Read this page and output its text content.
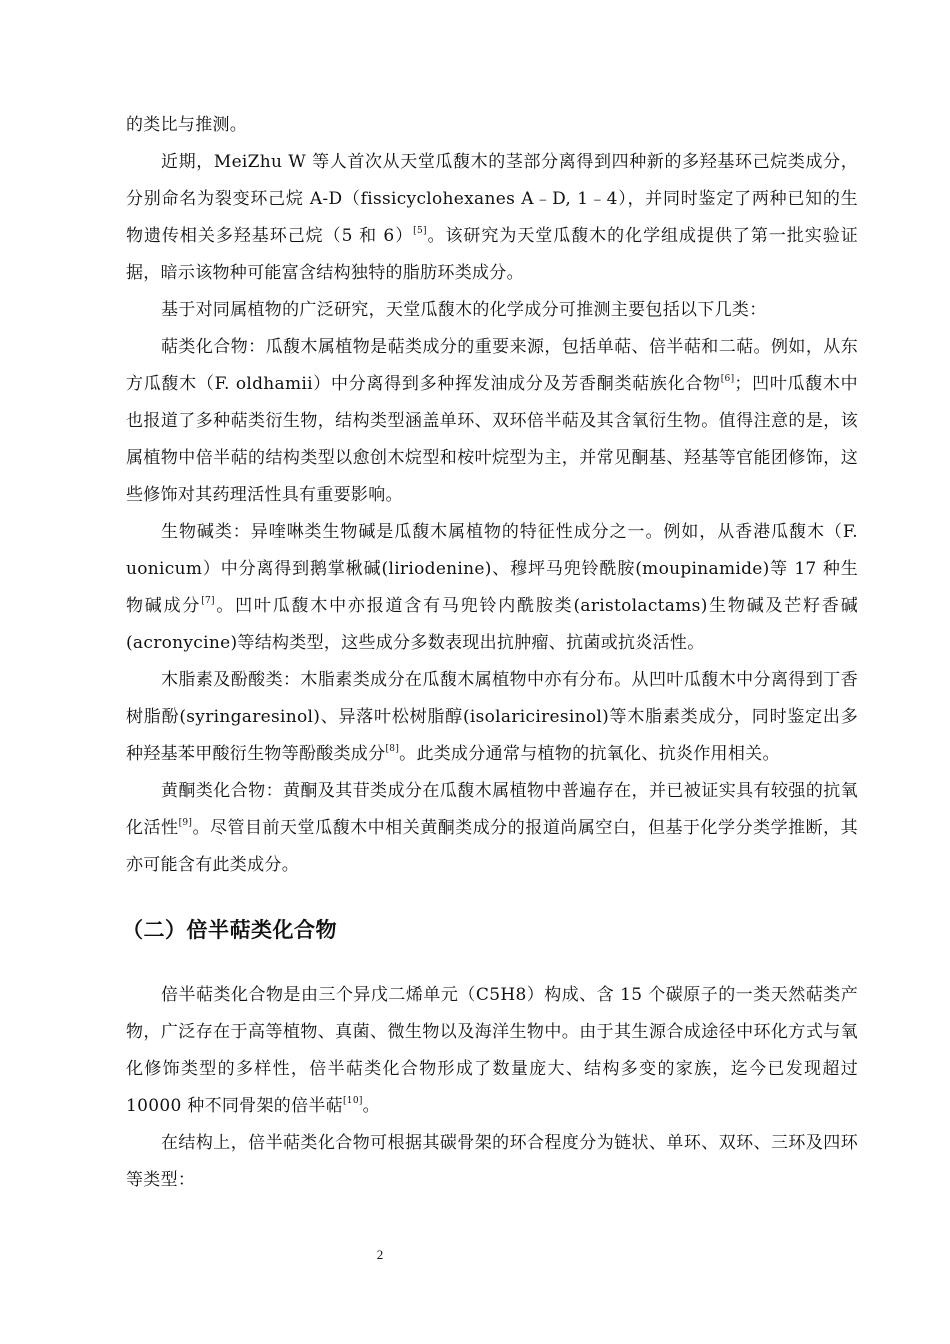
的类比与推测。

近期，MeiZhu W 等人首次从天堂瓜馥木的茎部分离得到四种新的多羟基环己烷类成分，分别命名为裂变环己烷 A-D（fissicyclohexanes A﹣D, 1﹣4），并同时鉴定了两种已知的生物遗传相关多羟基环己烷（5 和 6）[5]。该研究为天堂瓜馥木的化学组成提供了第一批实验证据，暗示该物种可能富含结构独特的脂肪环类成分。

基于对同属植物的广泛研究，天堂瓜馥木的化学成分可推测主要包括以下几类：

萜类化合物：瓜馥木属植物是萜类成分的重要来源，包括单萜、倍半萜和二萜。例如，从东方瓜馥木（F. oldhamii）中分离得到多种挥发油成分及芳香酮类萜族化合物[6]；凹叶瓜馥木中也报道了多种萜类衍生物，结构类型涵盖单环、双环倍半萜及其含氧衍生物。值得注意的是，该属植物中倍半萜的结构类型以愈创木烷型和桉叶烷型为主，并常见酮基、羟基等官能团修饰，这些修饰对其药理活性具有重要影响。

生物碱类：异喹啉类生物碱是瓜馥木属植物的特征性成分之一。例如，从香港瓜馥木（F. uonicum）中分离得到鹅掌楸碱(liriodenine)、穆坪马兜铃酰胺(moupinamide)等 17 种生物碱成分[7]。凹叶瓜馥木中亦报道含有马兜铃内酰胺类(aristolactams)生物碱及芒籽香碱(acronycine)等结构类型，这些成分多数表现出抗肿瘤、抗菌或抗炎活性。

木脂素及酚酸类：木脂素类成分在瓜馥木属植物中亦有分布。从凹叶瓜馥木中分离得到丁香树脂酚(syringaresinol)、异落叶松树脂醇(isolariciresinol)等木脂素类成分，同时鉴定出多种羟基苯甲酸衍生物等酚酸类成分[8]。此类成分通常与植物的抗氧化、抗炎作用相关。

黄酮类化合物：黄酮及其苷类成分在瓜馥木属植物中普遍存在，并已被证实具有较强的抗氧化活性[9]。尽管目前天堂瓜馥木中相关黄酮类成分的报道尚属空白，但基于化学分类学推断，其亦可能含有此类成分。

（二）倍半萜类化合物

倍半萜类化合物是由三个异戊二烯单元（C5H8）构成、含 15 个碳原子的一类天然萜类产物，广泛存在于高等植物、真菌、微生物以及海洋生物中。由于其生源合成途径中环化方式与氧化修饰类型的多样性，倍半萜类化合物形成了数量庞大、结构多变的家族，迄今已发现超过 10000 种不同骨架的倍半萜[10]。

在结构上，倍半萜类化合物可根据其碳骨架的环合程度分为链状、单环、双环、三环及四环等类型：

2
